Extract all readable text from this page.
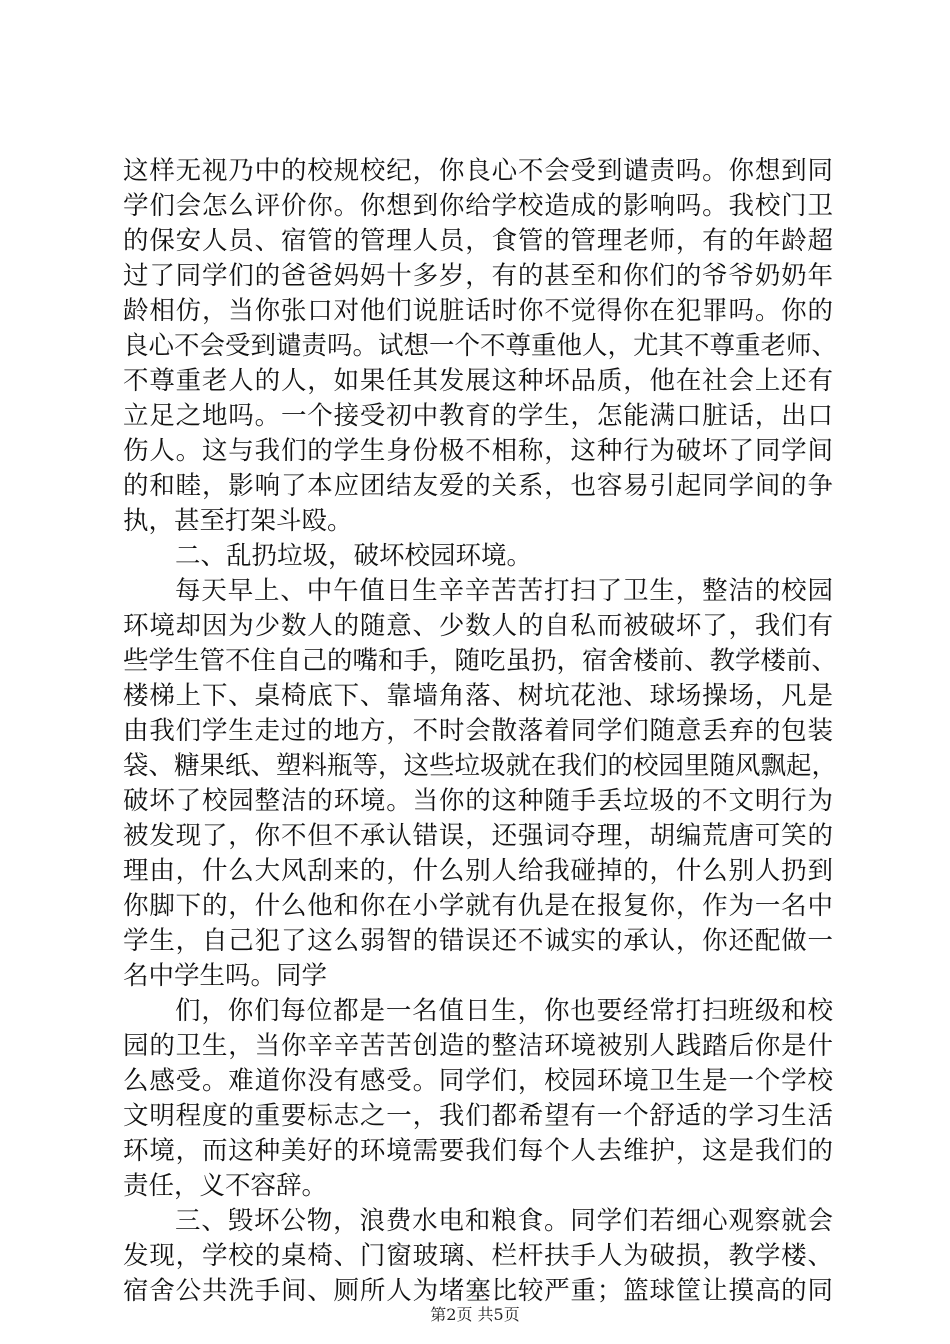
这样无视乃中的校规校纪，你良心不会受到谴责吗。你想到同
学们会怎么评价你。你想到你给学校造成的影响吗。我校门卫
的保安人员、宿管的管理人员，食管的管理老师，有的年龄超
过了同学们的爸爸妈妈十多岁，有的甚至和你们的爷爷奶奶年
龄相仿，当你张口对他们说脏话时你不觉得你在犯罪吗。你的
良心不会受到谴责吗。试想一个不尊重他人，尤其不尊重老师、
不尊重老人的人，如果任其发展这种坏品质，他在社会上还有
立足之地吗。一个接受初中教育的学生，怎能满口脏话，出口
伤人。这与我们的学生身份极不相称，这种行为破坏了同学间
的和睦，影响了本应团结友爱的关系，也容易引起同学间的争
执，甚至打架斗殴。
二、乱扔垃圾，破坏校园环境。
每天早上、中午值日生辛辛苦苦打扫了卫生，整洁的校园
环境却因为少数人的随意、少数人的自私而被破坏了，我们有
些学生管不住自己的嘴和手，随吃虽扔，宿舍楼前、教学楼前、
楼梯上下、桌椅底下、靠墙角落、树坑花池、球场操场，凡是
由我们学生走过的地方，不时会散落着同学们随意丢弃的包装
袋、糖果纸、塑料瓶等，这些垃圾就在我们的校园里随风飘起，
破坏了校园整洁的环境。当你的这种随手丢垃圾的不文明行为
被发现了，你不但不承认错误，还强词夺理，胡编荒唐可笑的
理由，什么大风刮来的，什么别人给我碰掉的，什么别人扔到
你脚下的，什么他和你在小学就有仇是在报复你，作为一名中
学生，自己犯了这么弱智的错误还不诚实的承认，你还配做一
名中学生吗。同学
们，你们每位都是一名值日生，你也要经常打扫班级和校
园的卫生，当你辛辛苦苦创造的整洁环境被别人践踏后你是什
么感受。难道你没有感受。同学们，校园环境卫生是一个学校
文明程度的重要标志之一，我们都希望有一个舒适的学习生活
环境，而这种美好的环境需要我们每个人去维护，这是我们的
责任，义不容辞。
三、毁坏公物，浪费水电和粮食。同学们若细心观察就会
发现，学校的桌椅、门窗玻璃、栏杆扶手人为破损，教学楼、
宿舍公共洗手间、厕所人为堵塞比较严重；篮球筐让摸高的同
第2页 共5页
